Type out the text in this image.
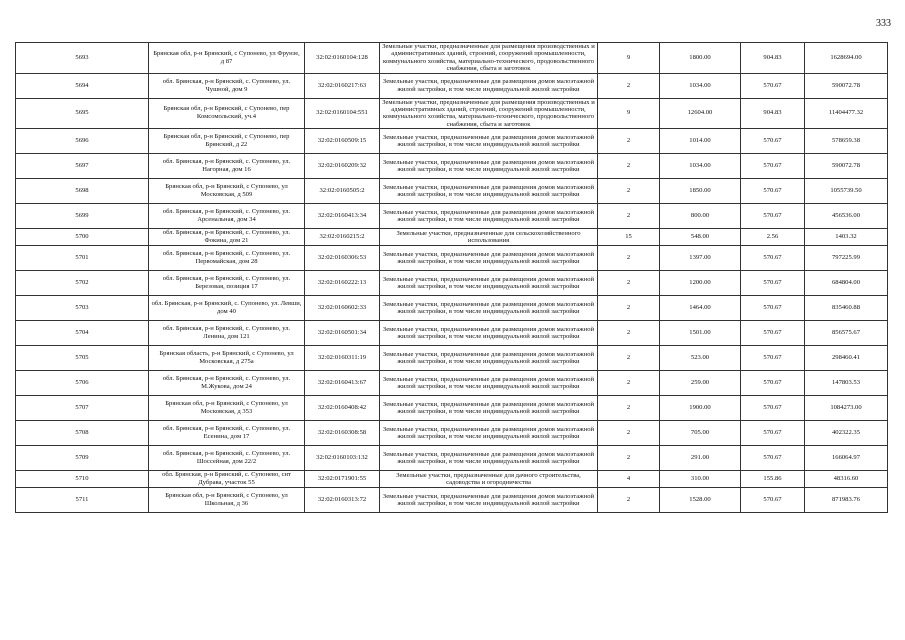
333
5693	Брянская обл, р-н Брянский, с Супонево, ул Фрунзе, д 87	32:02:0160104:128	Земельные участки, предназначенные для размещения производственных и административных зданий, строений, сооружений промышленности, коммунального хозяйства, материально-технического, продовольственного снабжения, сбыта и заготовок	9	1800.00	904.83	1628694.00
5694	обл. Брянская, р-н Брянский, с. Супонево, ул. Чушной, дом 9	32:02:0160217:63	Земельные участки, предназначенные для размещения домов малоэтажной жилой застройки, в том числе индивидуальной жилой застройки	2	1034.00	570.67	590072.78
5695	Брянская обл, р-н Брянский, с Супонево, пер Комсомольский, уч.4	32:02:0160104:551	Земельные участки, предназначенные для размещения производственных и административных зданий, строений, сооружений промышленности, коммунального хозяйства, материально-технического, продовольственного снабжения, сбыта и заготовок	9	12604.00	904.83	11404477.32
5696	Брянская обл, р-н Брянский, с Супонево, пер Брянский, д 22	32:02:0160509:15	Земельные участки, предназначенные для размещения домов малоэтажной жилой застройки, в том числе индивидуальной жилой застройки	2	1014.00	570.67	578659.38
5697	обл. Брянская, р-н Брянский, с. Супонево, ул. Нагорная, дом 16	32:02:0160209:32	Земельные участки, предназначенные для размещения домов малоэтажной жилой застройки, в том числе индивидуальной жилой застройки	2	1034.00	570.67	590072.78
5698	Брянская обл, р-н Брянский, с Супонево, ул Московская, д 509	32:02:0160505:2	Земельные участки, предназначенные для размещения домов малоэтажной жилой застройки, в том числе индивидуальной жилой застройки	2	1850.00	570.67	1055739.50
5699	обл. Брянская, р-н Брянский, с. Супонево, ул. Арсенальная, дом 34	32:02:0160413:34	Земельные участки, предназначенные для размещения домов малоэтажной жилой застройки, в том числе индивидуальной жилой застройки	2	800.00	570.67	456536.00
5700	обл. Брянская, р-н Брянский, с. Супонево, ул. Фокина, дом 21	32:02:0160215:2	Земельные участки, предназначенные для сельскохозяйственного использования	15	548.00	2.56	1403.32
5701	обл. Брянская, р-н Брянский, с. Супонево, ул. Первомайская, дом 28	32:02:0160306:53	Земельные участки, предназначенные для размещения домов малоэтажной жилой застройки, в том числе индивидуальной жилой застройки	2	1397.00	570.67	797225.99
5702	обл. Брянская, р-н Брянский, с. Супонево, ул. Березовая, позиция 17	32:02:0160222:13	Земельные участки, предназначенные для размещения домов малоэтажной жилой застройки, в том числе индивидуальной жилой застройки	2	1200.00	570.67	684804.00
5703	обл. Брянская, р-н Брянский, с. Супонево, ул. Левши, дом 40	32:02:0160602:33	Земельные участки, предназначенные для размещения домов малоэтажной жилой застройки, в том числе индивидуальной жилой застройки	2	1464.00	570.67	835460.88
5704	обл. Брянская, р-н Брянский, с. Супонево, ул. Ленина, дом 121	32:02:0160501:34	Земельные участки, предназначенные для размещения домов малоэтажной жилой застройки, в том числе индивидуальной жилой застройки	2	1501.00	570.67	856575.67
5705	Брянская область, р-н Брянский, с Супонево, ул Московская, д 275а	32:02:0160311:19	Земельные участки, предназначенные для размещения домов малоэтажной жилой застройки, в том числе индивидуальной жилой застройки	2	523.00	570.67	298460.41
5706	обл. Брянская, р-н Брянский, с. Супонево, ул. М.Жукова, дом 24	32:02:0160413:67	Земельные участки, предназначенные для размещения домов малоэтажной жилой застройки, в том числе индивидуальной жилой застройки	2	259.00	570.67	147803.53
5707	Брянская обл, р-н Брянский, с Супонево, ул Московская, д 353	32:02:0160408:42	Земельные участки, предназначенные для размещения домов малоэтажной жилой застройки, в том числе индивидуальной жилой застройки	2	1900.00	570.67	1084273.00
5708	обл. Брянская, р-н Брянский, с. Супонево, ул. Есенина, дом 17	32:02:0160308:58	Земельные участки, предназначенные для размещения домов малоэтажной жилой застройки, в том числе индивидуальной жилой застройки	2	705.00	570.67	402322.35
5709	обл. Брянская, р-н Брянский, с. Супонево, ул. Шоссейная, дом 22/2	32:02:0160103:132	Земельные участки, предназначенные для размещения домов малоэтажной жилой застройки, в том числе индивидуальной жилой застройки	2	291.00	570.67	166064.97
5710	обл. Брянская, р-н Брянский, с. Супонево, снт Дубрава, участок 55	32:02:0171901:55	Земельные участки, предназначенные для дачного строительства, садоводства и огородничества	4	310.00	155.86	48316.60
5711	Брянская обл, р-н Брянский, с Супонево, ул Школьная, д 36	32:02:0160313:72	Земельные участки, предназначенные для размещения домов малоэтажной жилой застройки, в том числе индивидуальной жилой застройки	2	1528.00	570.67	871983.76
